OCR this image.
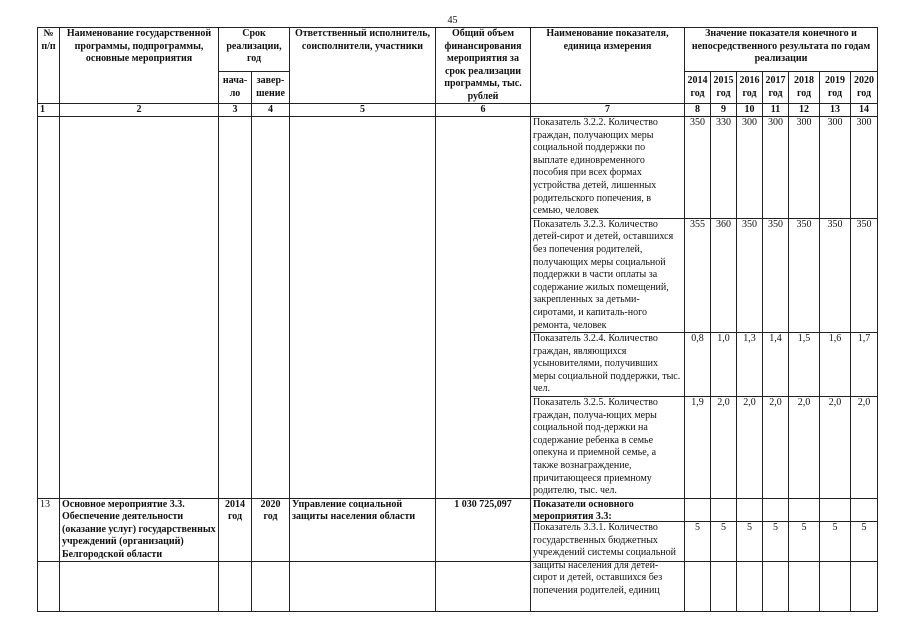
45
№ п/п	Наименование государственной программы, подпрограммы, основные мероприятия	Срок реализации, год		Ответственный исполнитель, соисполнители, участники	Общий объем финансирования мероприятия за срок реализации программы, тыс. рублей	Наименование показателя, единица измерения	Значение показателя конечного и непосредственного результата по годам реализации						
		нача-ло	завер-шение				2014 год	2015 год	2016 год	2017 год	2018 год	2019 год	2020 год
1	2	3	4	5	6	7	8	9	10	11	12	13	14
						Показатель 3.2.2. Количество граждан, получающих меры социальной поддержки по выплате единовременного пособия при всех формах устройства детей, лишенных родительского попечения, в семью, человек	350	330	300	300	300	300	300
						Показатель 3.2.3. Количество детей-сирот и детей, оставшихся без попечения родителей, получающих меры социальной поддержки в части оплаты за содержание жилых помещений, закрепленных за детьми-сиротами, и капиталь-ного ремонта, человек	355	360	350	350	350	350	350
						Показатель 3.2.4. Количество граждан, являющихся усыновителями, получивших меры социальной поддержки, тыс. чел.	0,8	1,0	1,3	1,4	1,5	1,6	1,7
						Показатель 3.2.5. Количество граждан, получа-ющих меры социальной под-держки на содержание ребенка в семье опекуна и приемной семье, а также вознаграждение, причитающееся приемному родителю, тыс. чел.	1,9	2,0	2,0	2,0	2,0	2,0	2,0
13	Основное мероприятие 3.3. Обеспечение деятельности (оказание услуг) государственных учреждений (организаций) Белгородской области	2014 год	2020 год	Управление социальной защиты населения области	1 030 725,097	Показатели основного мероприятия 3.3:							

						Показатель 3.3.1. Количество государственных бюджетных учреждений системы социальной защиты населения для детей-сирот и детей, оставшихся без попечения родителей, единиц	5	5	5	5	5	5	5
